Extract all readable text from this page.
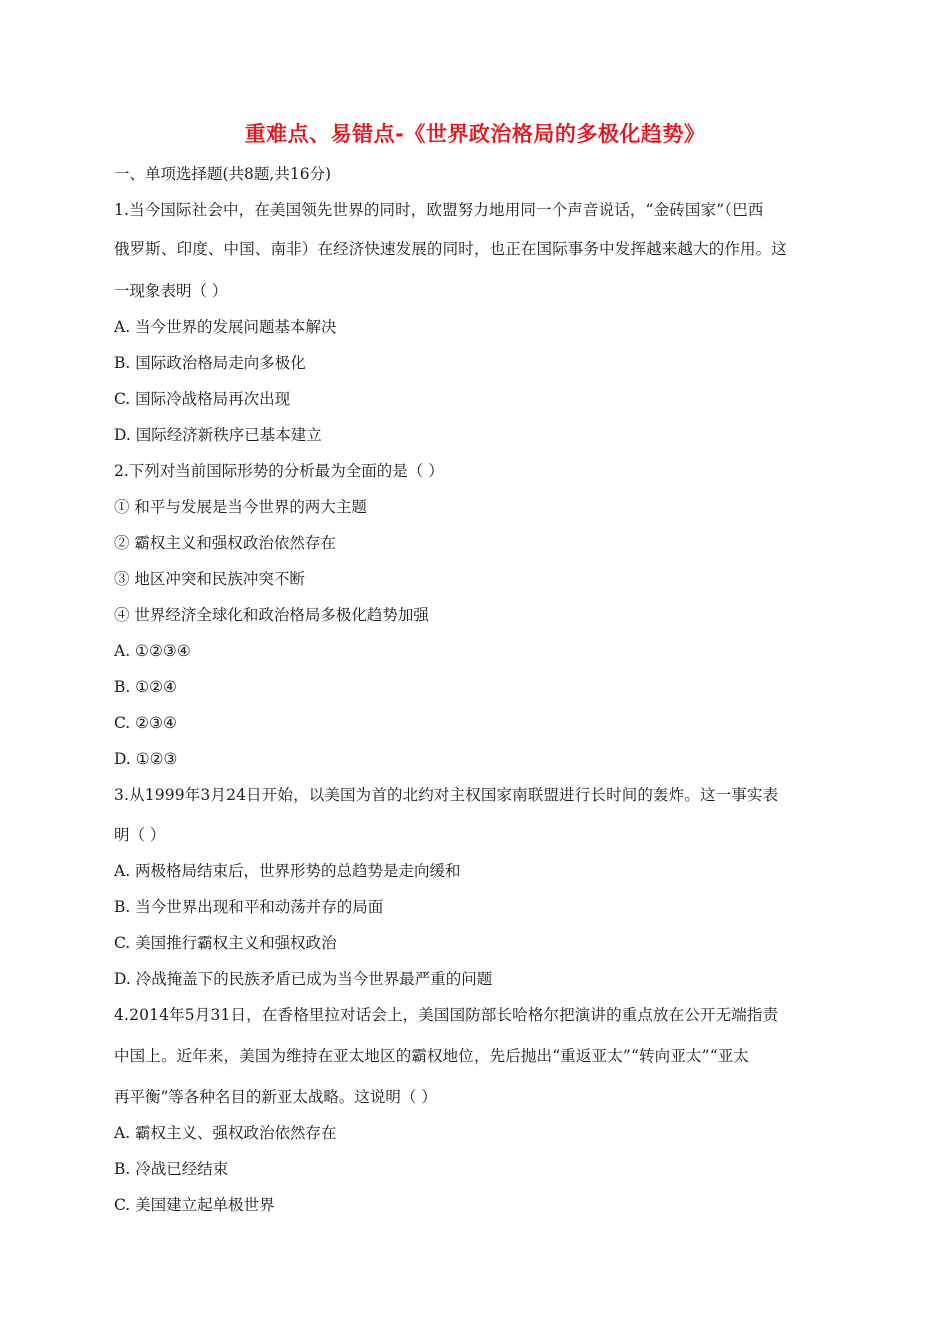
重难点、易错点-《世界政治格局的多极化趋势》
一、单项选择题(共8题,共16分)
1.当今国际社会中，在美国领先世界的同时，欧盟努力地用同一个声音说话，“金砖国家”（巴西
俄罗斯、印度、中国、南非）在经济快速发展的同时，也正在国际事务中发挥越来越大的作用。这
一现象表明（ ）
A. 当今世界的发展问题基本解决
B. 国际政治格局走向多极化
C. 国际冷战格局再次出现
D. 国际经济新秩序已基本建立
2.下列对当前国际形势的分析最为全面的是（ ）
① 和平与发展是当今世界的两大主题
② 霸权主义和强权政治依然存在
③ 地区冲突和民族冲突不断
④ 世界经济全球化和政治格局多极化趋势加强
A. ①②③④
B. ①②④
C. ②③④
D. ①②③
3.从1999年3月24日开始，以美国为首的北约对主权国家南联盟进行长时间的轰炸。这一事实表
明（ ）
A. 两极格局结束后，世界形势的总趋势是走向缓和
B. 当今世界出现和平和动荡并存的局面
C. 美国推行霸权主义和强权政治
D. 冷战掩盖下的民族矛盾已成为当今世界最严重的问题
4.2014年5月31日，在香格里拉对话会上，美国国防部长哈格尔把演讲的重点放在公开无端指责
中国上。近年来，美国为维持在亚太地区的霸权地位，先后抛出“重返亚太”“转向亚太”“亚太
再平衡”等各种名目的新亚太战略。这说明（ ）
A. 霸权主义、强权政治依然存在
B. 冷战已经结束
C. 美国建立起单极世界
